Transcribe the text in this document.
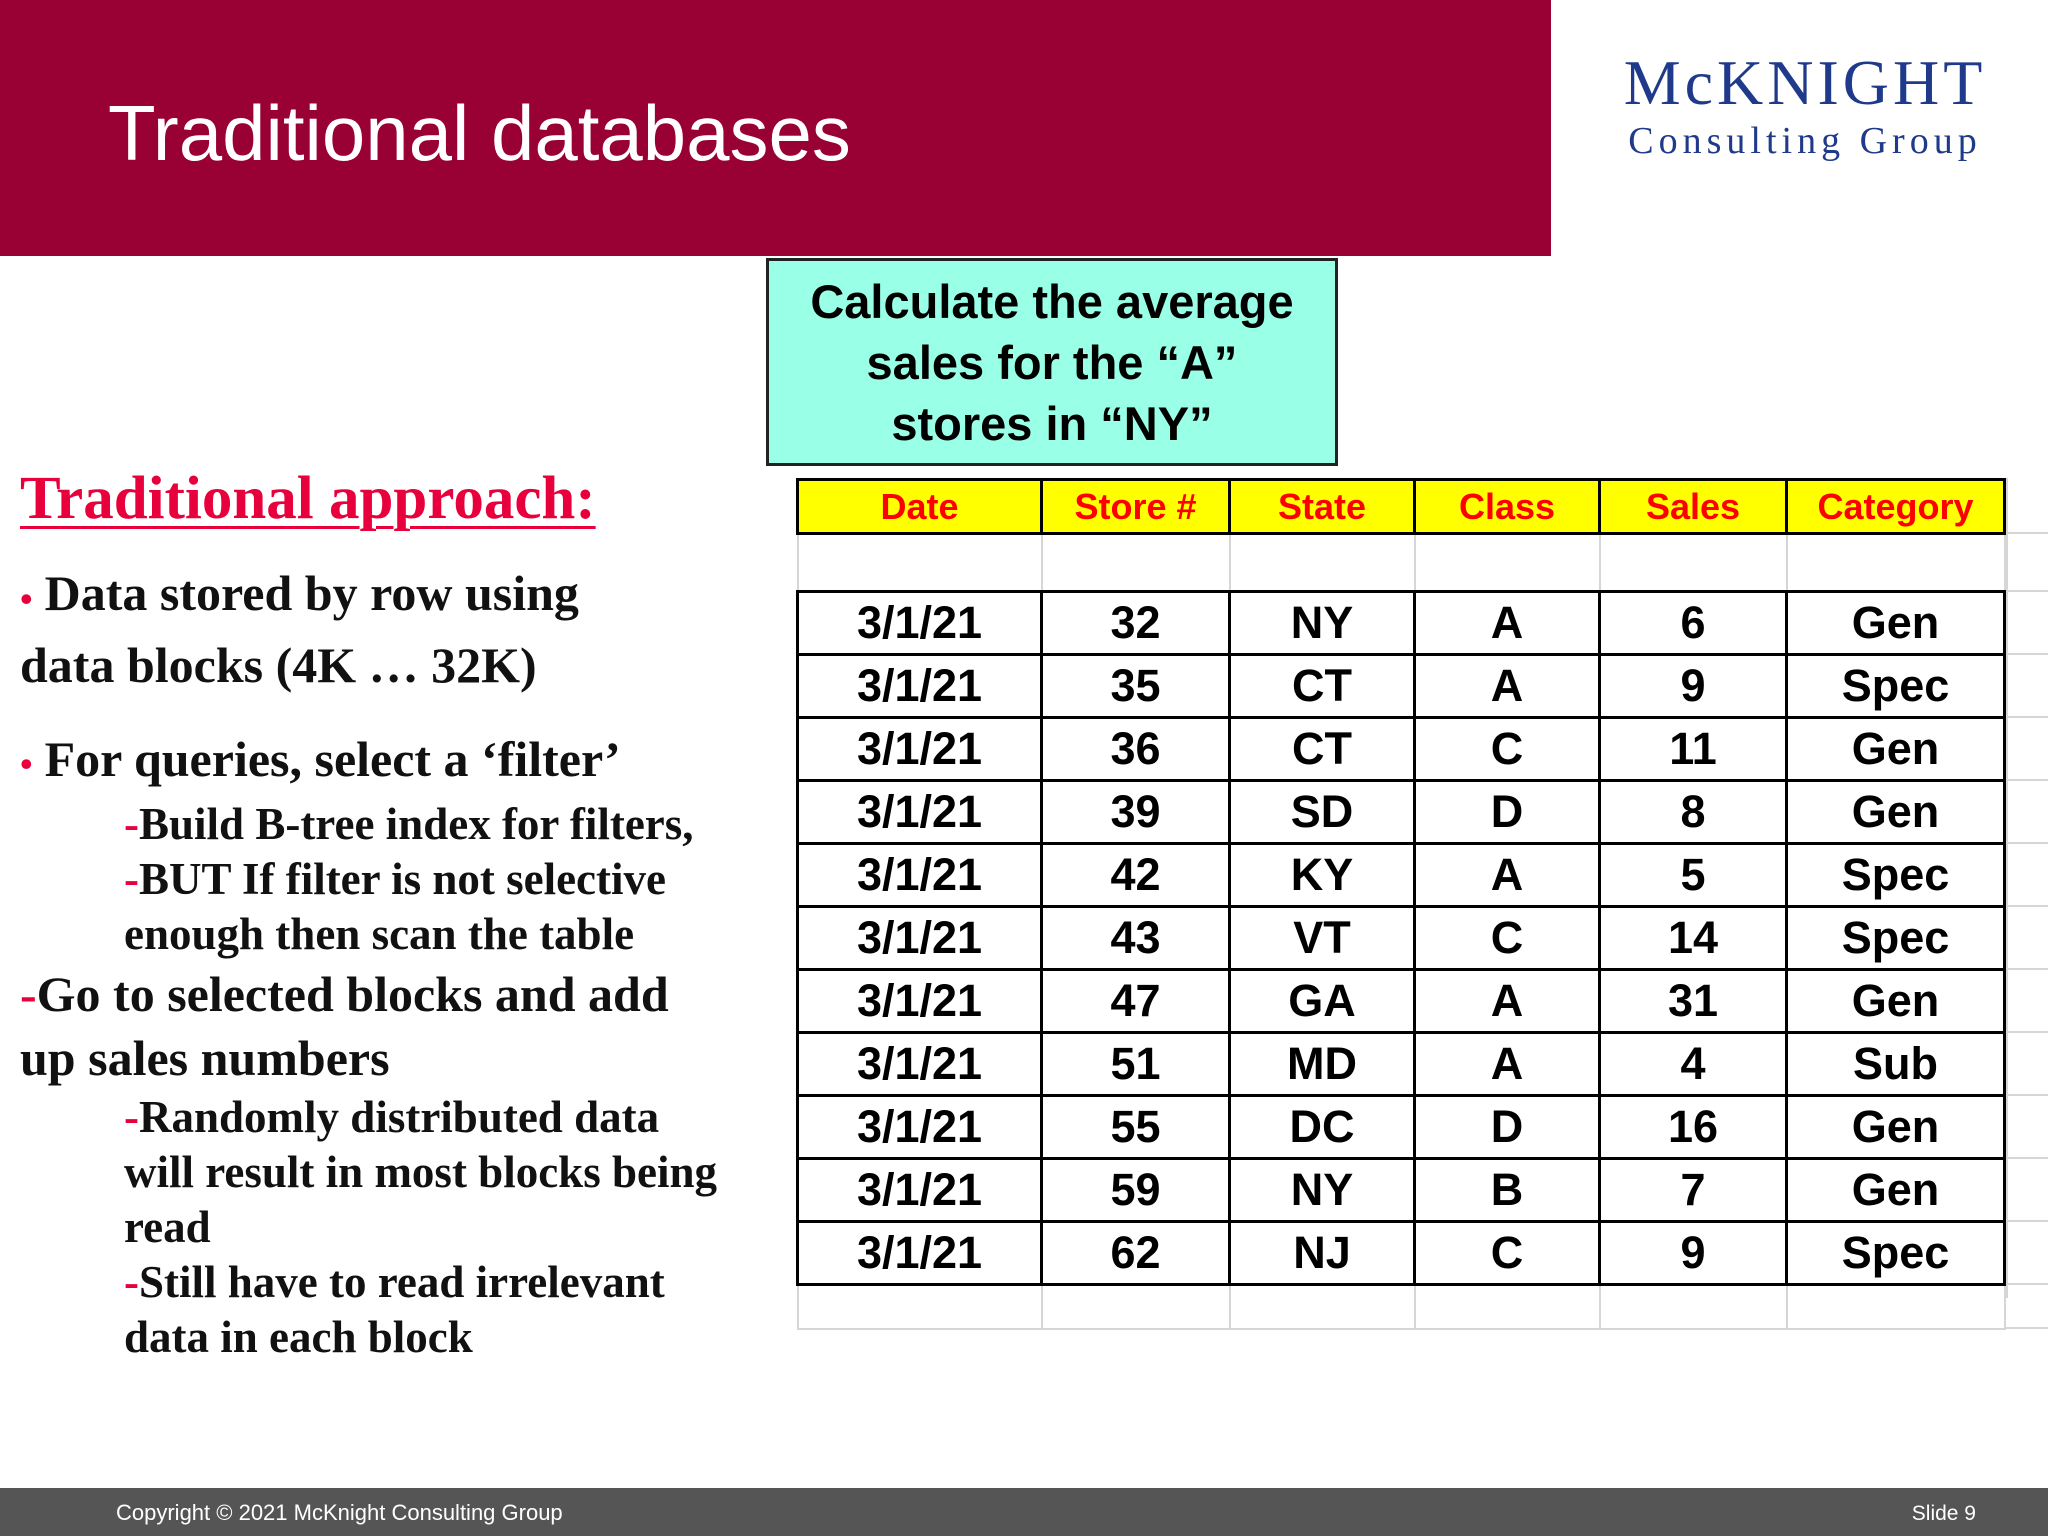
Traditional databases
McKNIGHT
Consulting Group
Calculate the average
sales for the “A”
stores in “NY”
Traditional approach:
• Data stored by row using
data blocks (4K … 32K)
• For queries, select a ‘filter’
-Build B-tree index for filters,
-BUT If filter is not selective
enough then scan the table
-Go to selected blocks and add
up sales numbers
-Randomly distributed data
will result in most blocks being
read
-Still have to read irrelevant
data in each block
Date	Store #	State	Class	Sales	Category

3/1/21	32	NY	A	6	Gen
3/1/21	35	CT	A	9	Spec
3/1/21	36	CT	C	11	Gen
3/1/21	39	SD	D	8	Gen
3/1/21	42	KY	A	5	Spec
3/1/21	43	VT	C	14	Spec
3/1/21	47	GA	A	31	Gen
3/1/21	51	MD	A	4	Sub
3/1/21	55	DC	D	16	Gen
3/1/21	59	NY	B	7	Gen
3/1/21	62	NJ	C	9	Spec

Copyright © 2021 McKnight Consulting Group	Slide 9
